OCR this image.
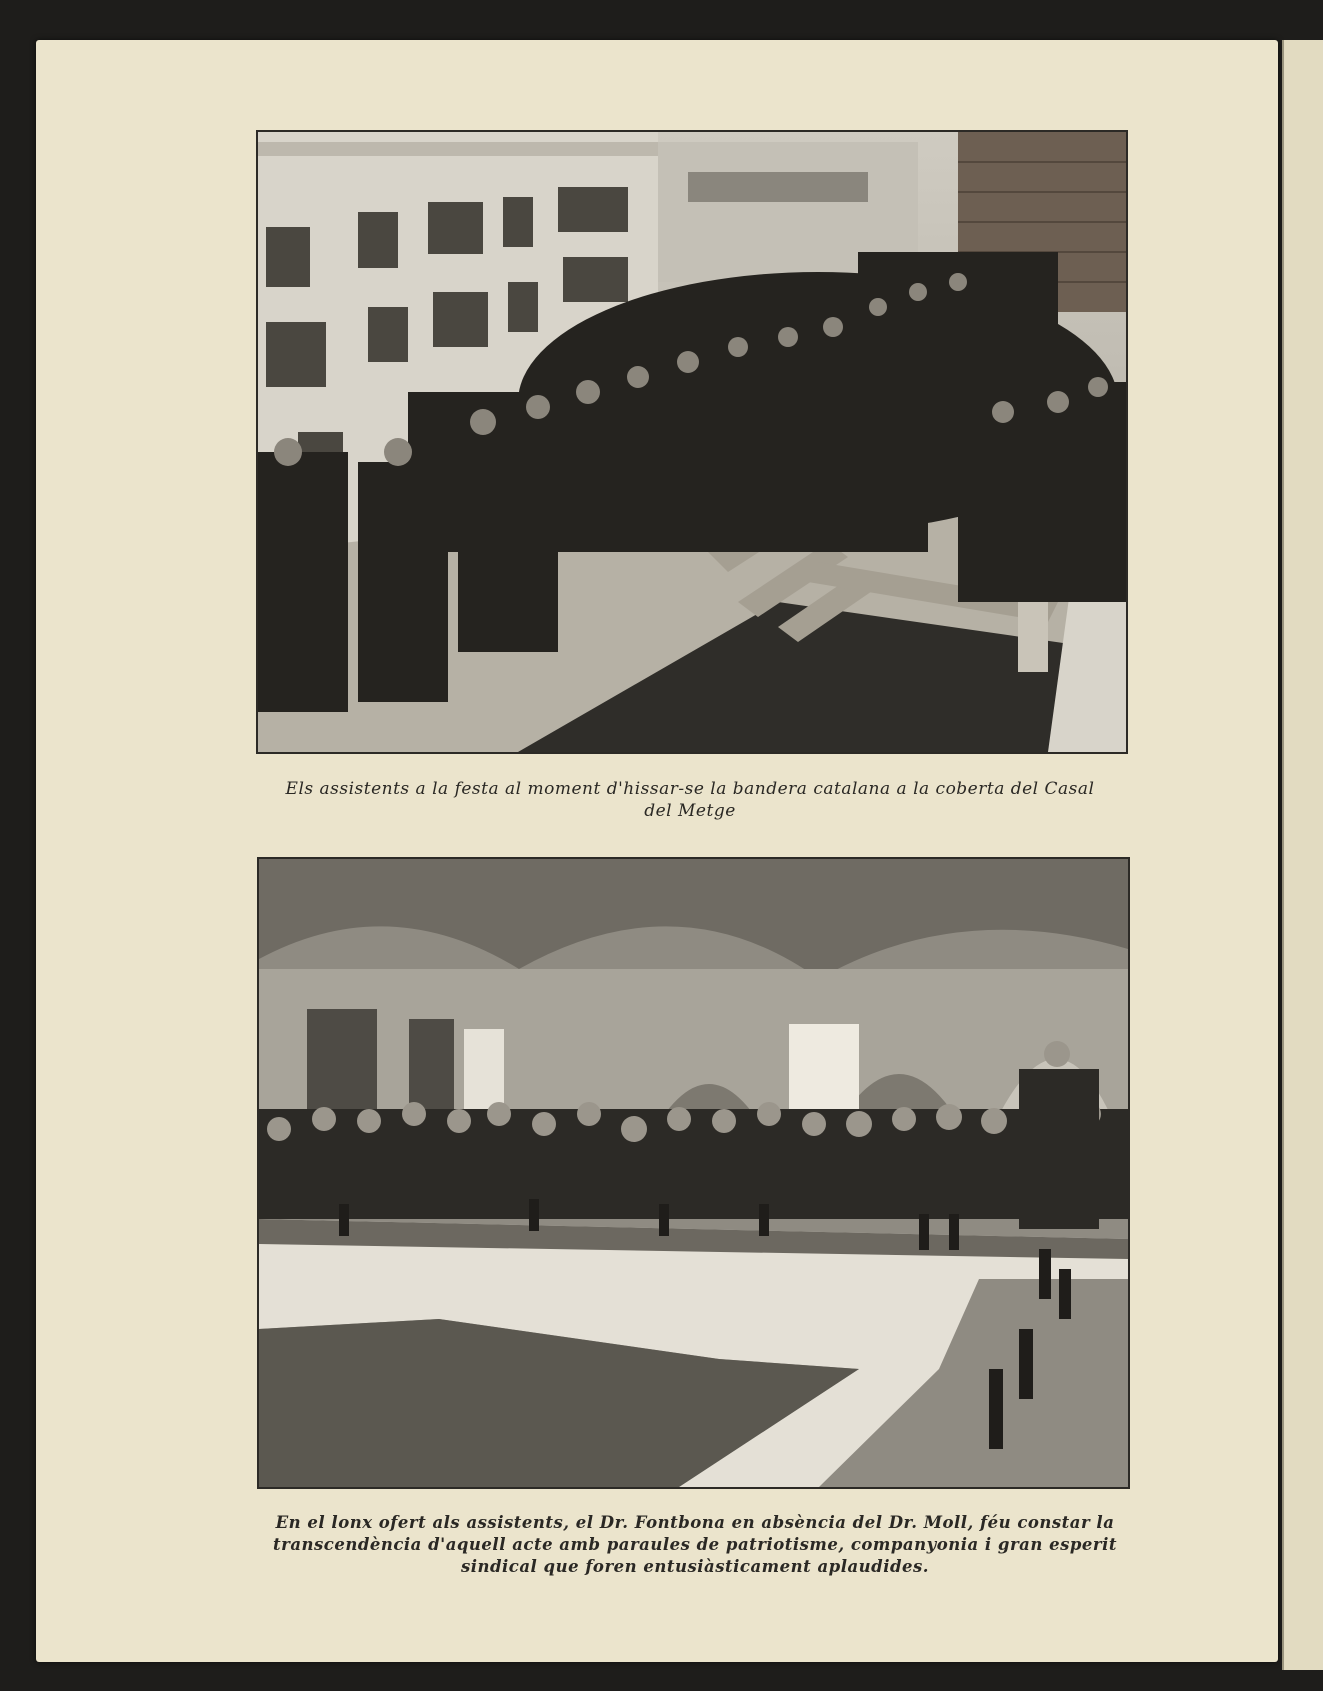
Els assistents a la festa al moment d'hissar-se la bandera catalana a la coberta del Casal del Metge
En el lonx ofert als assistents, el Dr. Fontbona en absència del Dr. Moll, féu constar la transcendència d'aquell acte amb paraules de patriotisme, companyonia i gran esperit sindical que foren entusiàsticament aplaudides.
